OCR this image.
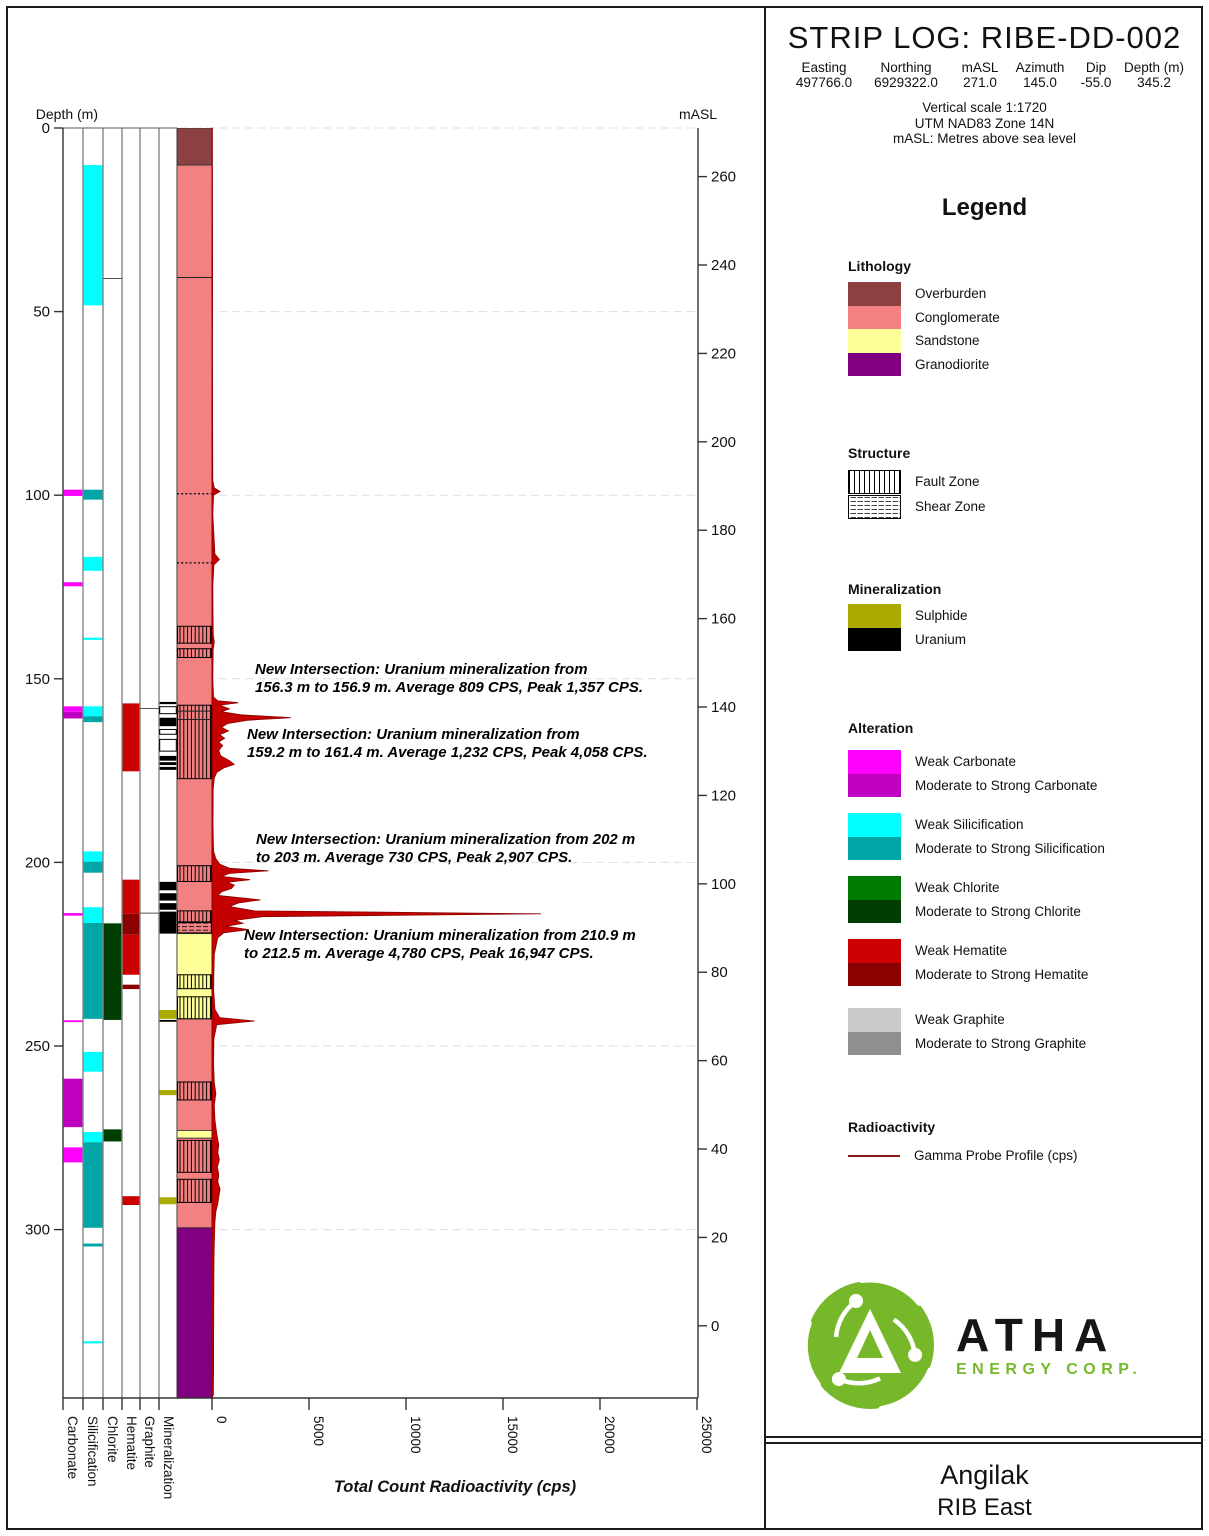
0
50
100
150
200
250
300
Depth (m)
260
240
220
200
180
160
140
120
100
80
60
40
20
0
mASL
Carbonate Silicification Chlorite Hematite Graphite Mineralization	0	5000	10000	15000	20000	25000
Total Count Radioactivity (cps)
New Intersection: Uranium mineralization from
156.3 m to 156.9 m. Average 809 CPS, Peak 1,357 CPS.
New Intersection: Uranium mineralization from
159.2 m to 161.4 m. Average 1,232 CPS, Peak 4,058 CPS.
New Intersection: Uranium mineralization from 202 m
to 203 m. Average 730 CPS, Peak 2,907 CPS.
New Intersection: Uranium mineralization from 210.9 m
to 212.5 m. Average 4,780 CPS, Peak 16,947 CPS.
STRIP LOG: RIBE-DD-002
Easting
497766.0
Northing
6929322.0
mASL
271.0
Azimuth
145.0
Dip
-55.0
Depth (m)
345.2
Vertical scale 1:1720
UTM NAD83 Zone 14N
mASL: Metres above sea level
Legend
Lithology
Overburden
Conglomerate
Sandstone
Granodiorite
Structure
Fault Zone
Shear Zone
Mineralization
Sulphide
Uranium
Alteration
Weak Carbonate
Moderate to Strong Carbonate
Weak Silicification
Moderate to Strong Silicification
Weak Chlorite
Moderate to Strong Chlorite
Weak Hematite
Moderate to Strong Hematite
Weak Graphite
Moderate to Strong Graphite
Radioactivity
Gamma Probe Profile (cps)
ATHA
ENERGY CORP.
Angilak
RIB East
